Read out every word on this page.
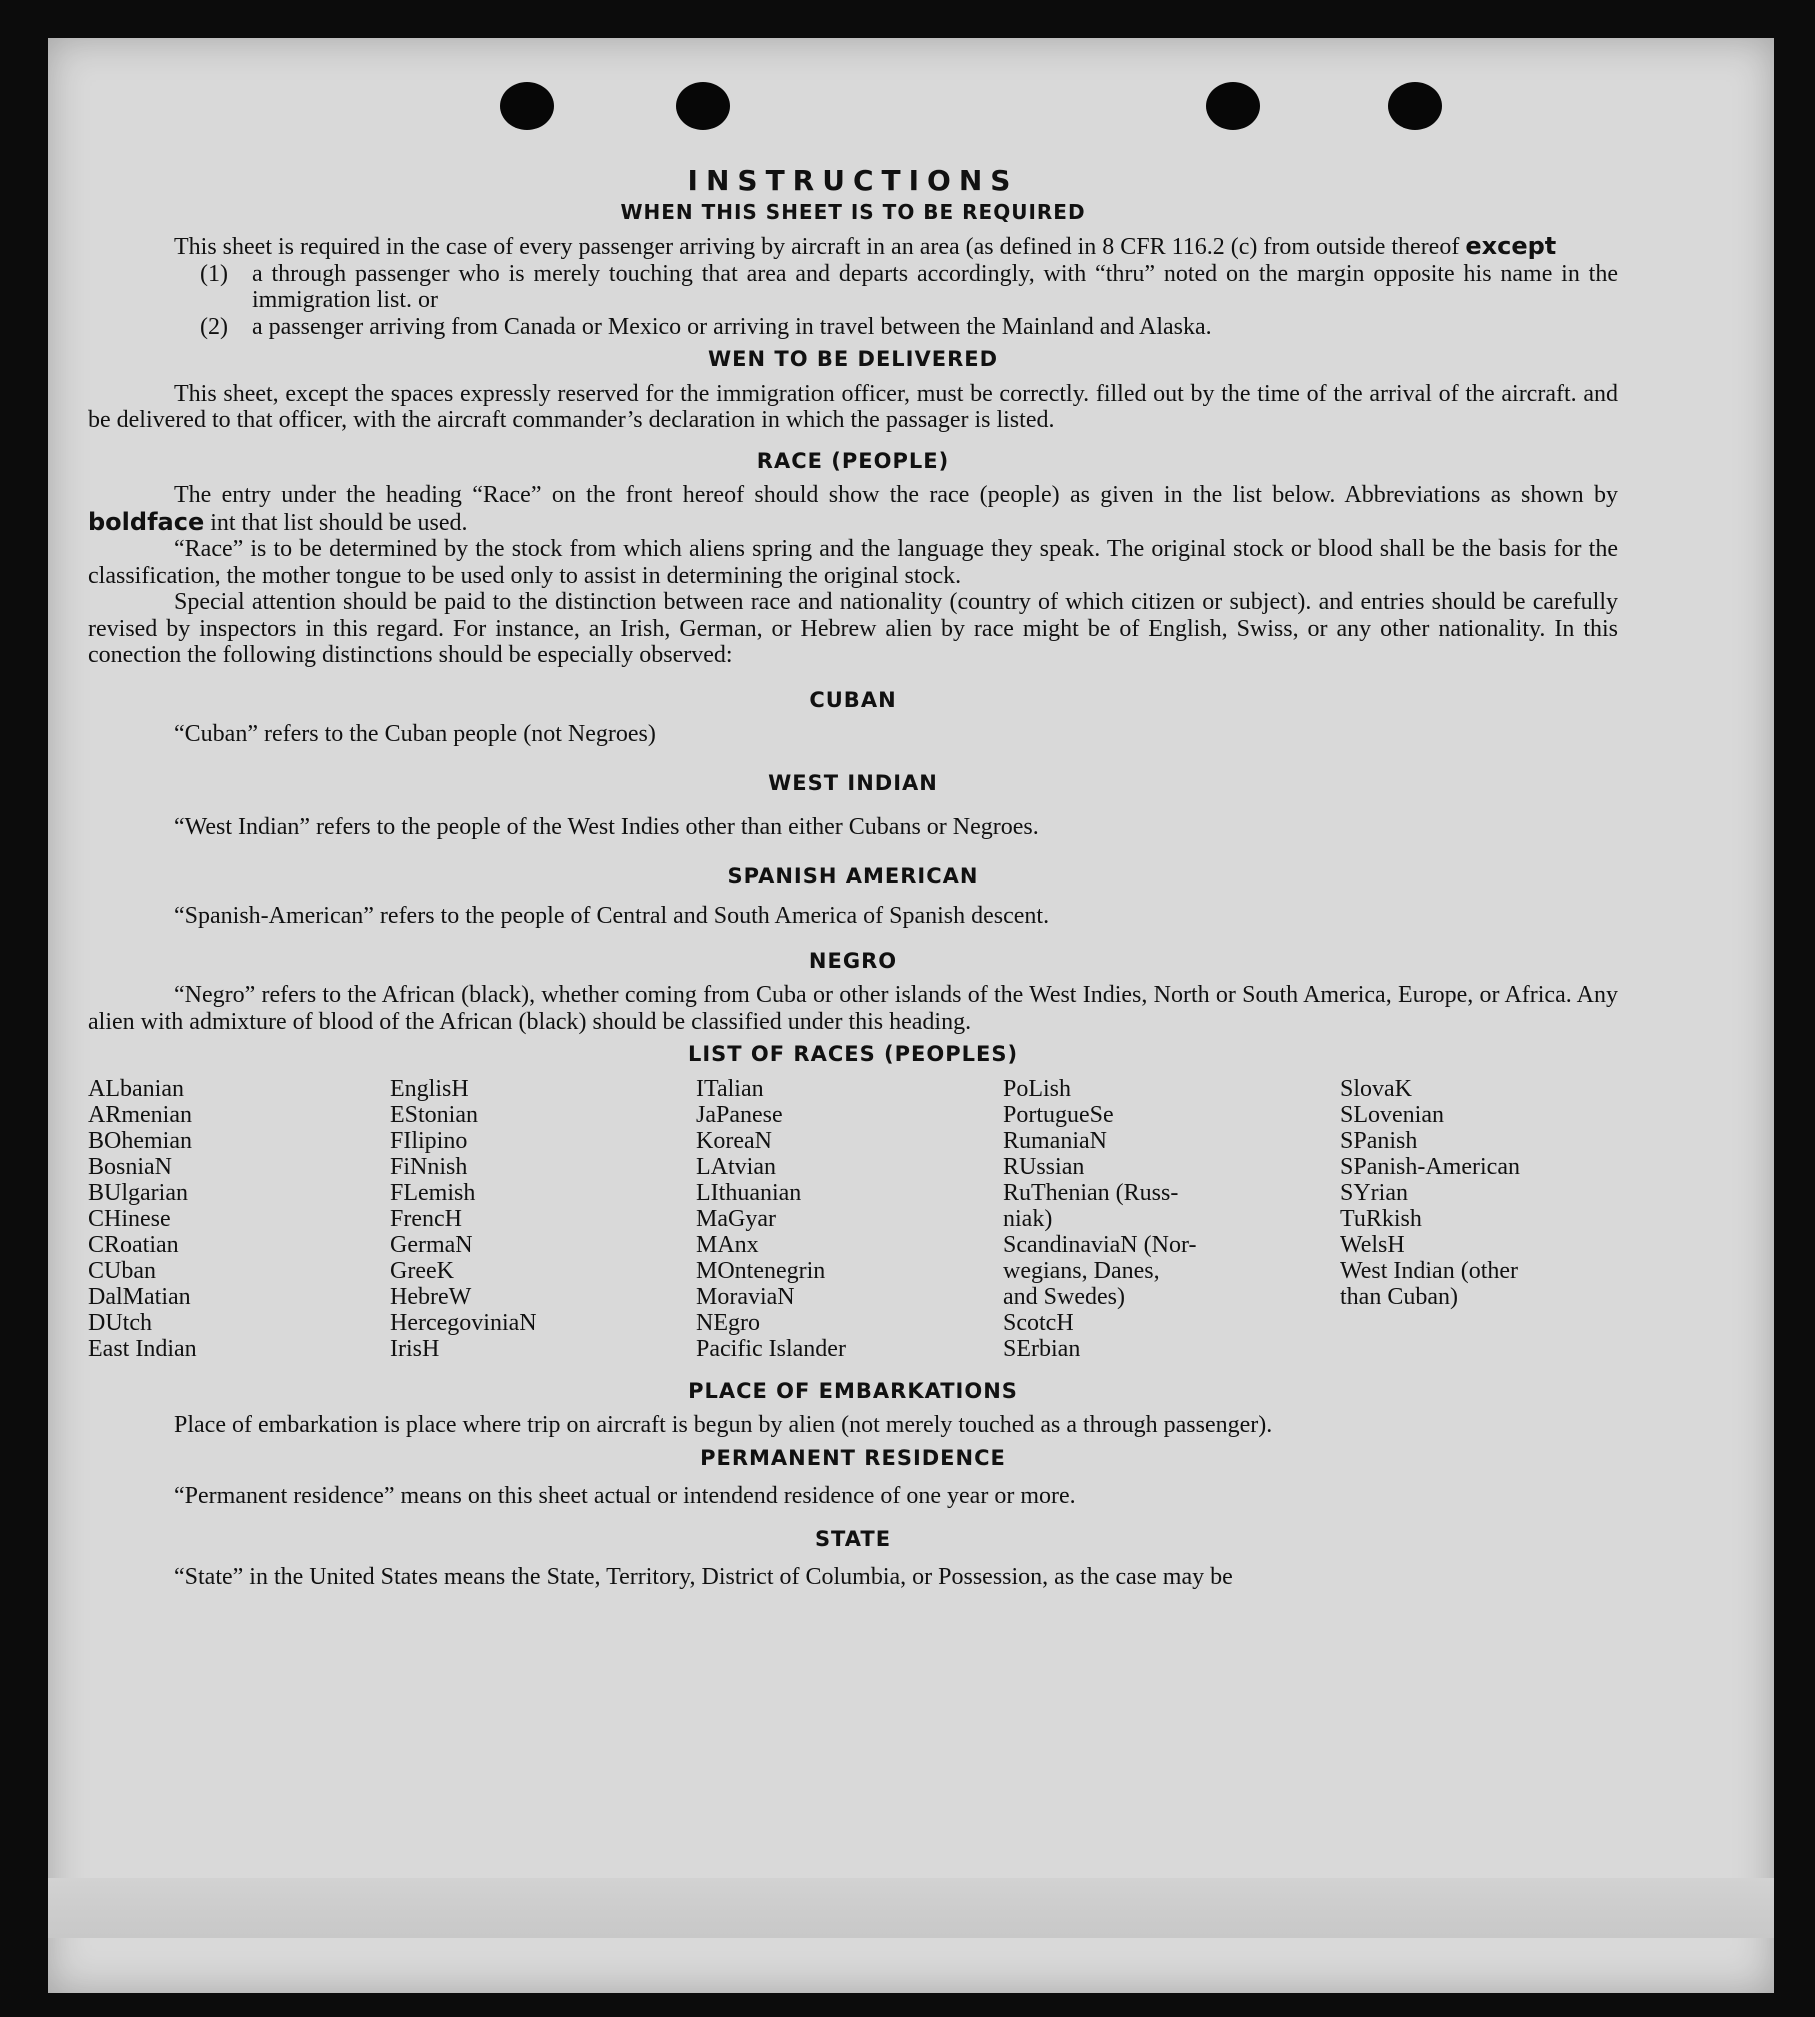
INSTRUCTIONS
WHEN THIS SHEET IS TO BE REQUIRED

This sheet is required in the case of every passenger arriving by aircraft in an area (as defined in 8 CFR 116.2 (c) from outside thereof except

(1)	a through passenger who is merely touching that area and departs accordingly, with “thru” noted on the margin opposite his name in the immigration list. or
(2)	a passenger arriving from Canada or Mexico or arriving in travel between the Mainland and Alaska.
WEN TO BE DELIVERED

This sheet, except the spaces expressly reserved for the immigration officer, must be correctly. filled out by the time of the arrival of the aircraft. and be delivered to that officer, with the aircraft commander’s declaration in which the passager is listed.

RACE (PEOPLE)

The entry under the heading “Race” on the front hereof should show the race (people) as given in the list below. Abbreviations as shown by boldface int that list should be used.

“Race” is to be determined by the stock from which aliens spring and the language they speak. The original stock or blood shall be the basis for the classification, the mother tongue to be used only to assist in determining the original stock.

Special attention should be paid to the distinction between race and nationality (country of which citizen or subject). and entries should be carefully revised by inspectors in this regard. For instance, an Irish, German, or Hebrew alien by race might be of English, Swiss, or any other nationality. In this conection the following distinctions should be especially observed:

CUBAN

“Cuban” refers to the Cuban people (not Negroes)

WEST INDIAN

“West Indian” refers to the people of the West Indies other than either Cubans or Negroes.

SPANISH AMERICAN

“Spanish-American” refers to the people of Central and South America of Spanish descent.

NEGRO

“Negro” refers to the African (black), whether coming from Cuba or other islands of the West Indies, North or South America, Europe, or Africa. Any alien with admixture of blood of the African (black) should be classified under this heading.

LIST OF RACES (PEOPLES)
ALbanian
ARmenian
BOhemian
BosniaN
BUlgarian
CHinese
CRoatian
CUban
DalMatian
DUtch
East Indian
EnglisH
EStonian
FIlipino
FiNnish
FLemish
FrencH
GermaN
GreeK
HebreW
HercegoviniaN
IrisH
ITalian
JaPanese
KoreaN
LAtvian
LIthuanian
MaGyar
MAnx
MOntenegrin
MoraviaN
NEgro
Pacific Islander
PoLish
PortugueSe
RumaniaN
RUssian
RuThenian (Russ-
niak)
ScandinaviaN (Nor-
wegians, Danes,
and Swedes)
ScotcH
SErbian
SlovaK
SLovenian
SPanish
SPanish-American
SYrian
TuRkish
WelsH
West Indian (other
than Cuban)
PLACE OF EMBARKATIONS

Place of embarkation is place where trip on aircraft is begun by alien (not merely touched as a through passenger).

PERMANENT RESIDENCE

“Permanent residence” means on this sheet actual or intendend residence of one year or more.

STATE

“State” in the United States means the State, Territory, District of Columbia, or Possession, as the case may be
